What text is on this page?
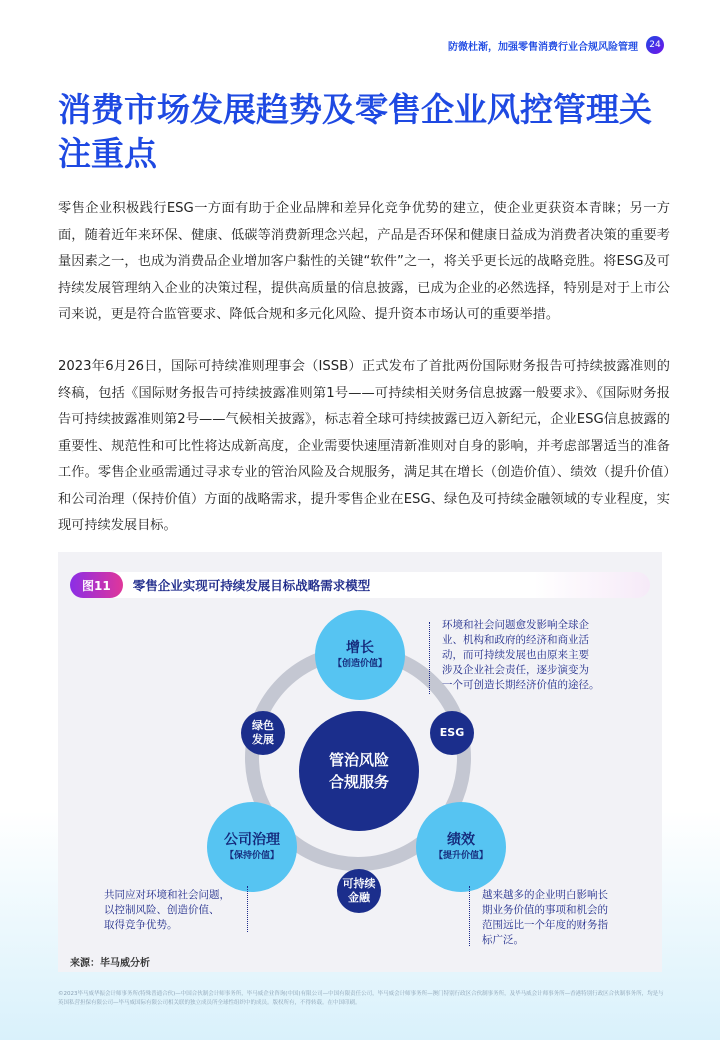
防微杜渐，加强零售消费行业合规风险管理	24
消费市场发展趋势及零售企业风控管理关注重点

零售企业积极践行ESG一方面有助于企业品牌和差异化竞争优势的建立，使企业更获资本青睐；另一方面，随着近年来环保、健康、低碳等消费新理念兴起，产品是否环保和健康日益成为消费者决策的重要考量因素之一，也成为消费品企业增加客户黏性的关键“软件”之一，将关乎更长远的战略竞胜。将ESG及可持续发展管理纳入企业的决策过程，提供高质量的信息披露，已成为企业的必然选择，特别是对于上市公司来说，更是符合监管要求、降低合规和多元化风险、提升资本市场认可的重要举措。

2023年6月26日，国际可持续准则理事会（ISSB）正式发布了首批两份国际财务报告可持续披露准则的终稿，包括《国际财务报告可持续披露准则第1号——可持续相关财务信息披露一般要求》、《国际财务报告可持续披露准则第2号——气候相关披露》，标志着全球可持续披露已迈入新纪元，企业ESG信息披露的重要性、规范性和可比性将达成新高度，企业需要快速厘清新准则对自身的影响，并考虑部署适当的准备工作。零售企业亟需通过寻求专业的管治风险及合规服务，满足其在增长（创造价值）、绩效（提升价值）和公司治理（保持价值）方面的战略需求，提升零售企业在ESG、绿色及可持续金融领域的专业程度，实现可持续发展目标。

图11	零售企业实现可持续发展目标战略需求模型
管治风险
合规服务
增长
【创造价值】
公司治理
【保持价值】
绩效
【提升价值】
绿色
发展
ESG
可持续
金融
环境和社会问题愈发影响全球企
业、机构和政府的经济和商业活
动，而可持续发展也由原来主要
涉及企业社会责任，逐步演变为
一个可创造长期经济价值的途径。
共同应对环境和社会问题，
以控制风险、创造价值、
取得竞争优势。
越来越多的企业明白影响长
期业务价值的事项和机会的
范围远比一个年度的财务指
标广泛。
来源：毕马威分析

©2023毕马威华振会计师事务所(特殊普通合伙)—中国合伙制会计师事务所，毕马威企业咨询(中国)有限公司—中国有限责任公司，毕马威会计师事务所—澳门特别行政区合伙制事务所，及毕马威会计师事务所—香港特别行政区合伙制事务所，均是与英国私营担保有限公司—毕马威国际有限公司相关联的独立成员所全球性组织中的成员。版权所有，不得转载。在中国印刷。
